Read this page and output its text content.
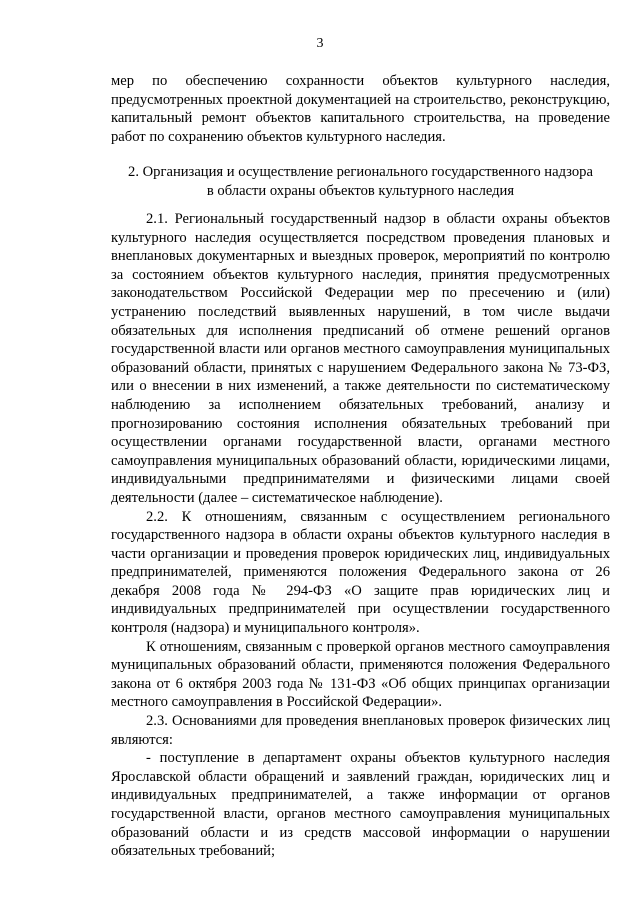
3

мер по обеспечению сохранности объектов культурного наследия, предусмотренных проектной документацией на строительство, реконструкцию, капитальный ремонт объектов капитального строительства, на проведение работ по сохранению объектов культурного наследия.

2. Организация и осуществление регионального государственного надзора

в области охраны объектов культурного наследия

2.1. Региональный государственный надзор в области охраны объектов культурного наследия осуществляется посредством проведения плановых и внеплановых документарных и выездных проверок, мероприятий по контролю за состоянием объектов культурного наследия, принятия предусмотренных законодательством Российской Федерации мер по пресечению и (или) устранению последствий выявленных нарушений, в том числе выдачи обязательных для исполнения предписаний об отмене решений органов государственной власти или органов местного самоуправления муниципальных образований области, принятых с нарушением Федерального закона № 73-ФЗ, или о внесении в них изменений, а также деятельности по систематическому наблюдению за исполнением обязательных требований, анализу и прогнозированию состояния исполнения обязательных требований при осуществлении органами государственной власти, органами местного самоуправления муниципальных образований области, юридическими лицами, индивидуальными предпринимателями и физическими лицами своей деятельности (далее – систематическое наблюдение).

2.2. К отношениям, связанным с осуществлением регионального государственного надзора в области охраны объектов культурного наследия в части организации и проведения проверок юридических лиц, индивидуальных предпринимателей, применяются положения Федерального закона от 26 декабря 2008 года № 294-ФЗ «О защите прав юридических лиц и индивидуальных предпринимателей при осуществлении государственного контроля (надзора) и муниципального контроля».

К отношениям, связанным с проверкой органов местного самоуправления муниципальных образований области, применяются положения Федерального закона от 6 октября 2003 года № 131-ФЗ «Об общих принципах организации местного самоуправления в Российской Федерации».

2.3. Основаниями для проведения внеплановых проверок физических лиц являются:

- поступление в департамент охраны объектов культурного наследия Ярославской области обращений и заявлений граждан, юридических лиц и индивидуальных предпринимателей, а также информации от органов государственной власти, органов местного самоуправления муниципальных образований области и из средств массовой информации о нарушении обязательных требований;
